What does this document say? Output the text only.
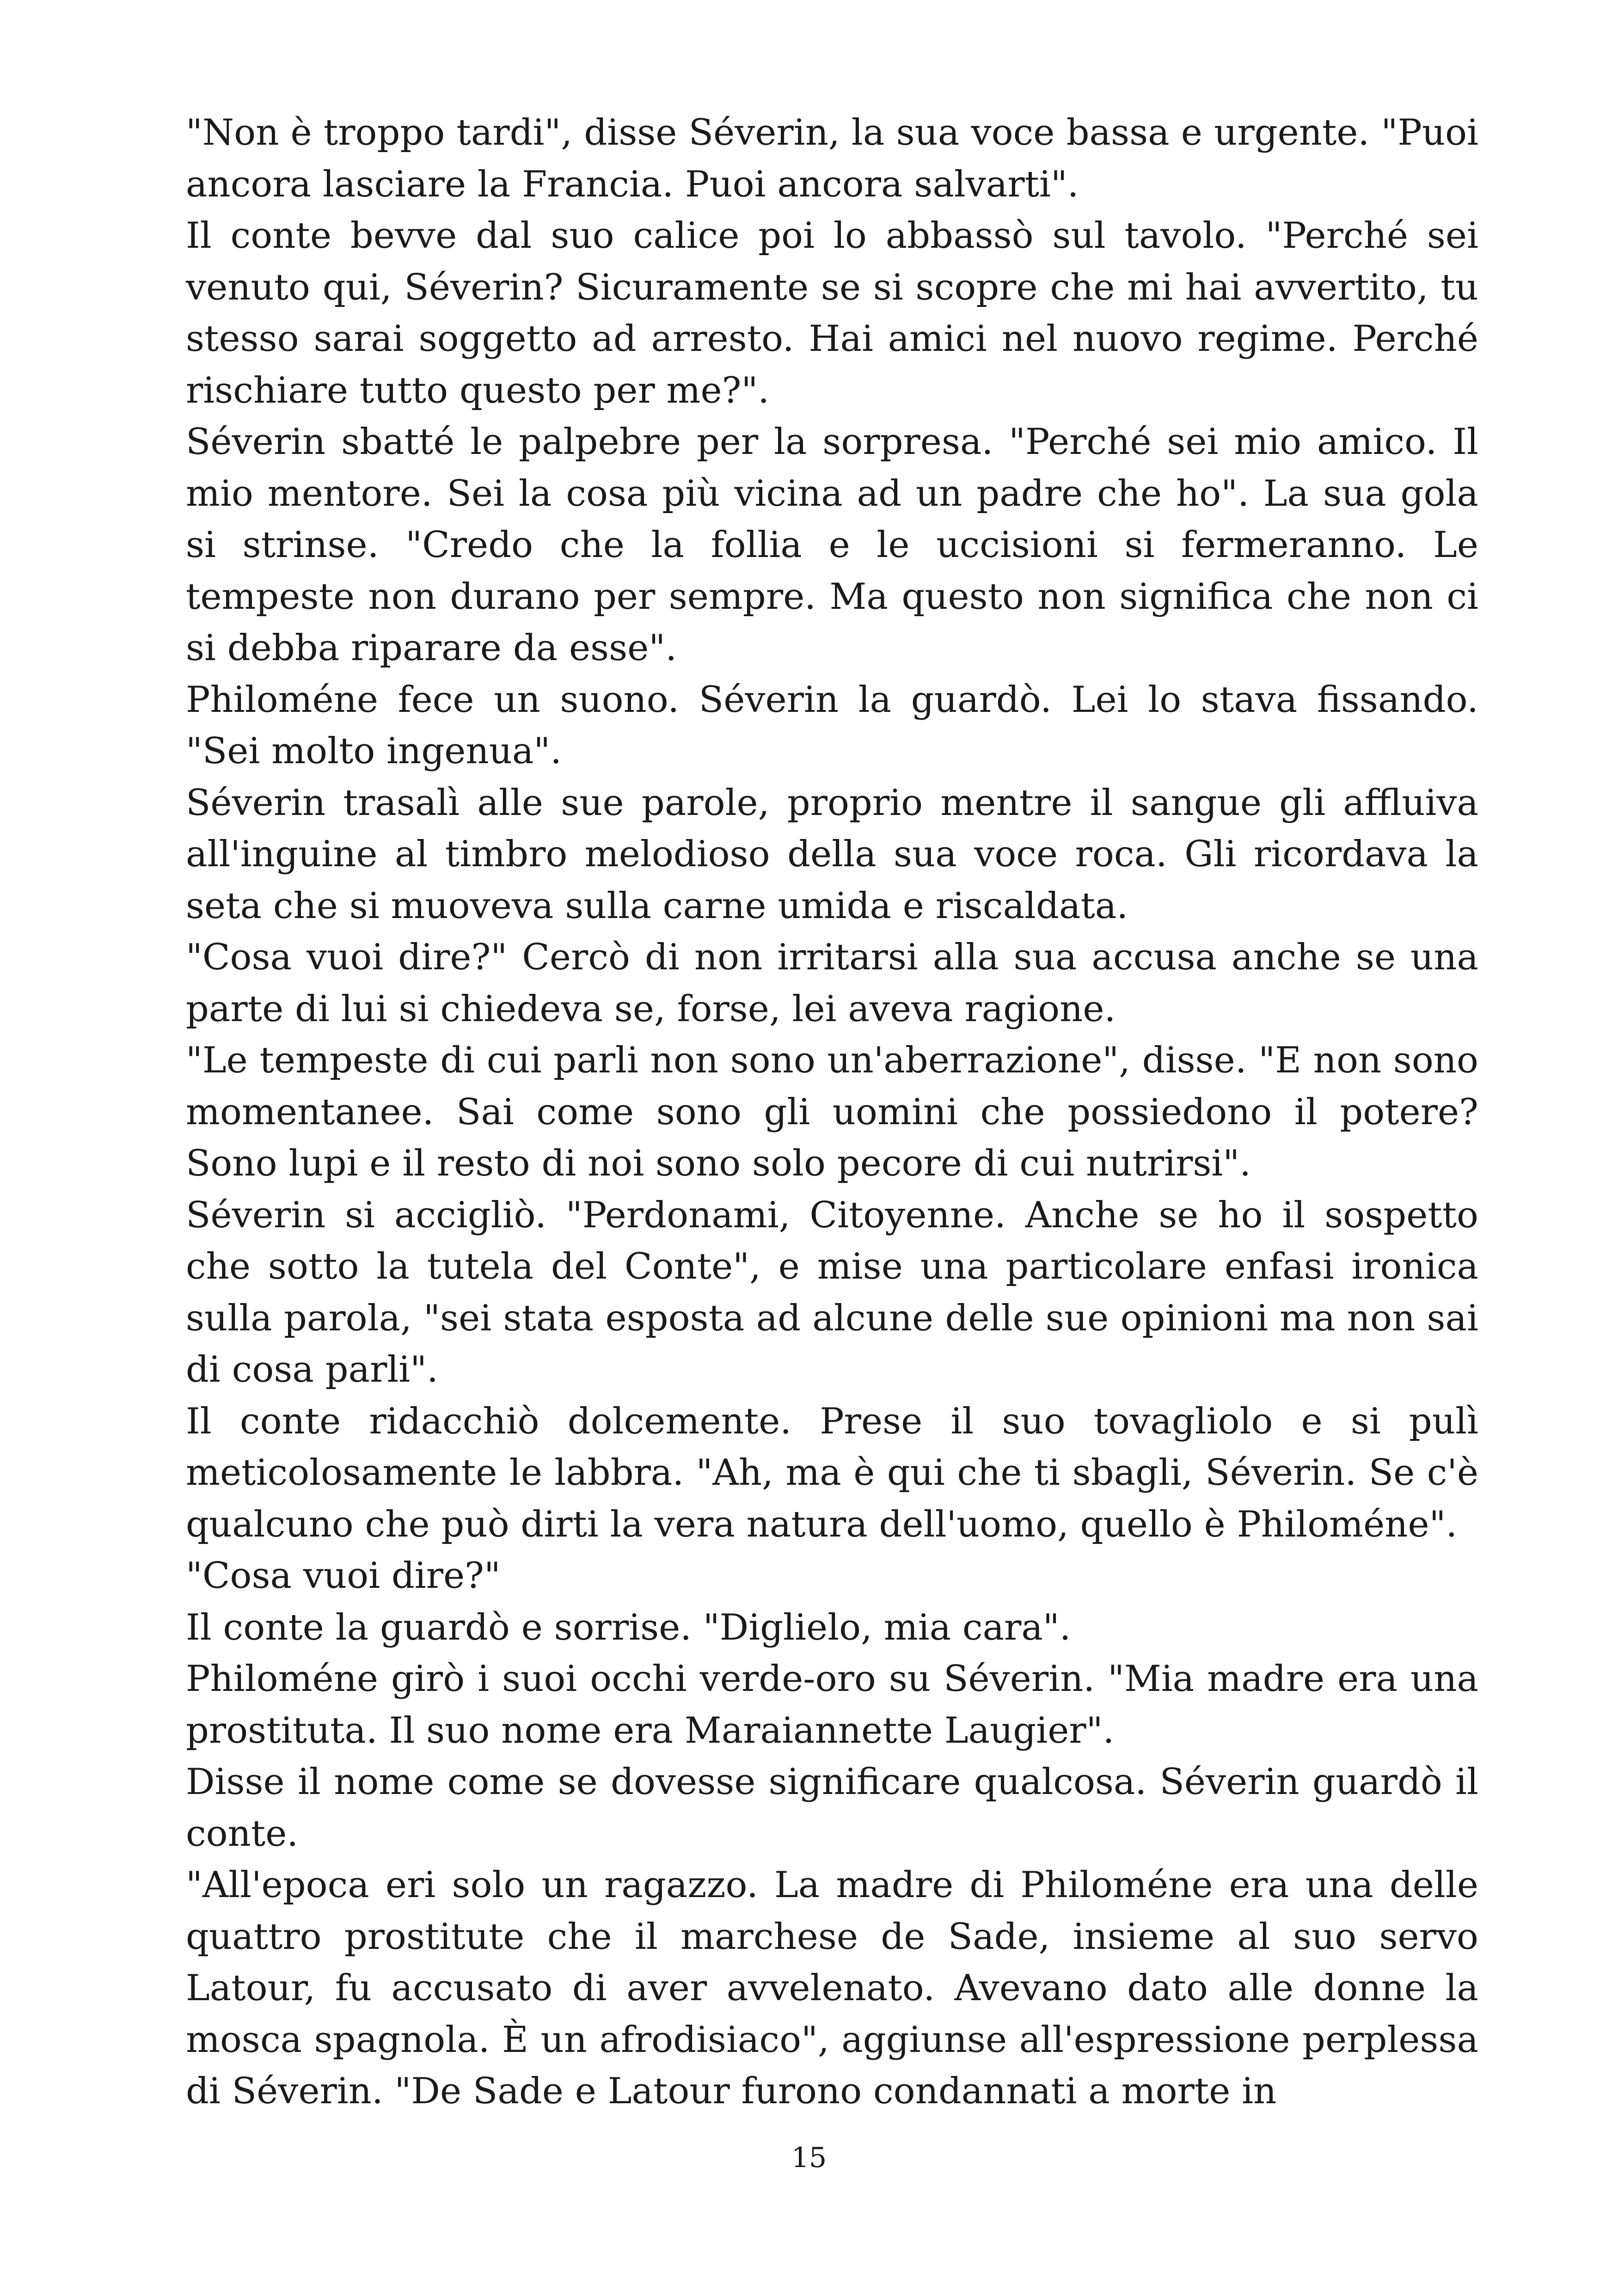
"Non è troppo tardi", disse Séverin, la sua voce bassa e urgente. "Puoi ancora lasciare la Francia. Puoi ancora salvarti".

Il conte bevve dal suo calice poi lo abbassò sul tavolo. "Perché sei venuto qui, Séverin? Sicuramente se si scopre che mi hai avvertito, tu stesso sarai soggetto ad arresto. Hai amici nel nuovo regime. Perché rischiare tutto questo per me?".

Séverin sbatté le palpebre per la sorpresa. "Perché sei mio amico. Il mio mentore. Sei la cosa più vicina ad un padre che ho". La sua gola si strinse. "Credo che la follia e le uccisioni si fermeranno. Le tempeste non durano per sempre. Ma questo non significa che non ci si debba riparare da esse".

Philoméne fece un suono. Séverin la guardò. Lei lo stava fissando. "Sei molto ingenua".

Séverin trasalì alle sue parole, proprio mentre il sangue gli affluiva all'inguine al timbro melodioso della sua voce roca. Gli ricordava la seta che si muoveva sulla carne umida e riscaldata.

"Cosa vuoi dire?" Cercò di non irritarsi alla sua accusa anche se una parte di lui si chiedeva se, forse, lei aveva ragione.

"Le tempeste di cui parli non sono un'aberrazione", disse. "E non sono momentanee. Sai come sono gli uomini che possiedono il potere? Sono lupi e il resto di noi sono solo pecore di cui nutrirsi".

Séverin si accigliò. "Perdonami, Citoyenne. Anche se ho il sospetto che sotto la tutela del Conte", e mise una particolare enfasi ironica sulla parola, "sei stata esposta ad alcune delle sue opinioni ma non sai di cosa parli".

Il conte ridacchiò dolcemente. Prese il suo tovagliolo e si pulì meticolosamente le labbra. "Ah, ma è qui che ti sbagli, Séverin. Se c'è qualcuno che può dirti la vera natura dell'uomo, quello è Philoméne".

"Cosa vuoi dire?"

Il conte la guardò e sorrise. "Diglielo, mia cara".

Philoméne girò i suoi occhi verde-oro su Séverin. "Mia madre era una prostituta. Il suo nome era Maraiannette Laugier".

Disse il nome come se dovesse significare qualcosa. Séverin guardò il conte.

"All'epoca eri solo un ragazzo. La madre di Philoméne era una delle quattro prostitute che il marchese de Sade, insieme al suo servo Latour, fu accusato di aver avvelenato. Avevano dato alle donne la mosca spagnola. È un afrodisiaco", aggiunse all'espressione perplessa di Séverin. "De Sade e Latour furono condannati a morte in

15
